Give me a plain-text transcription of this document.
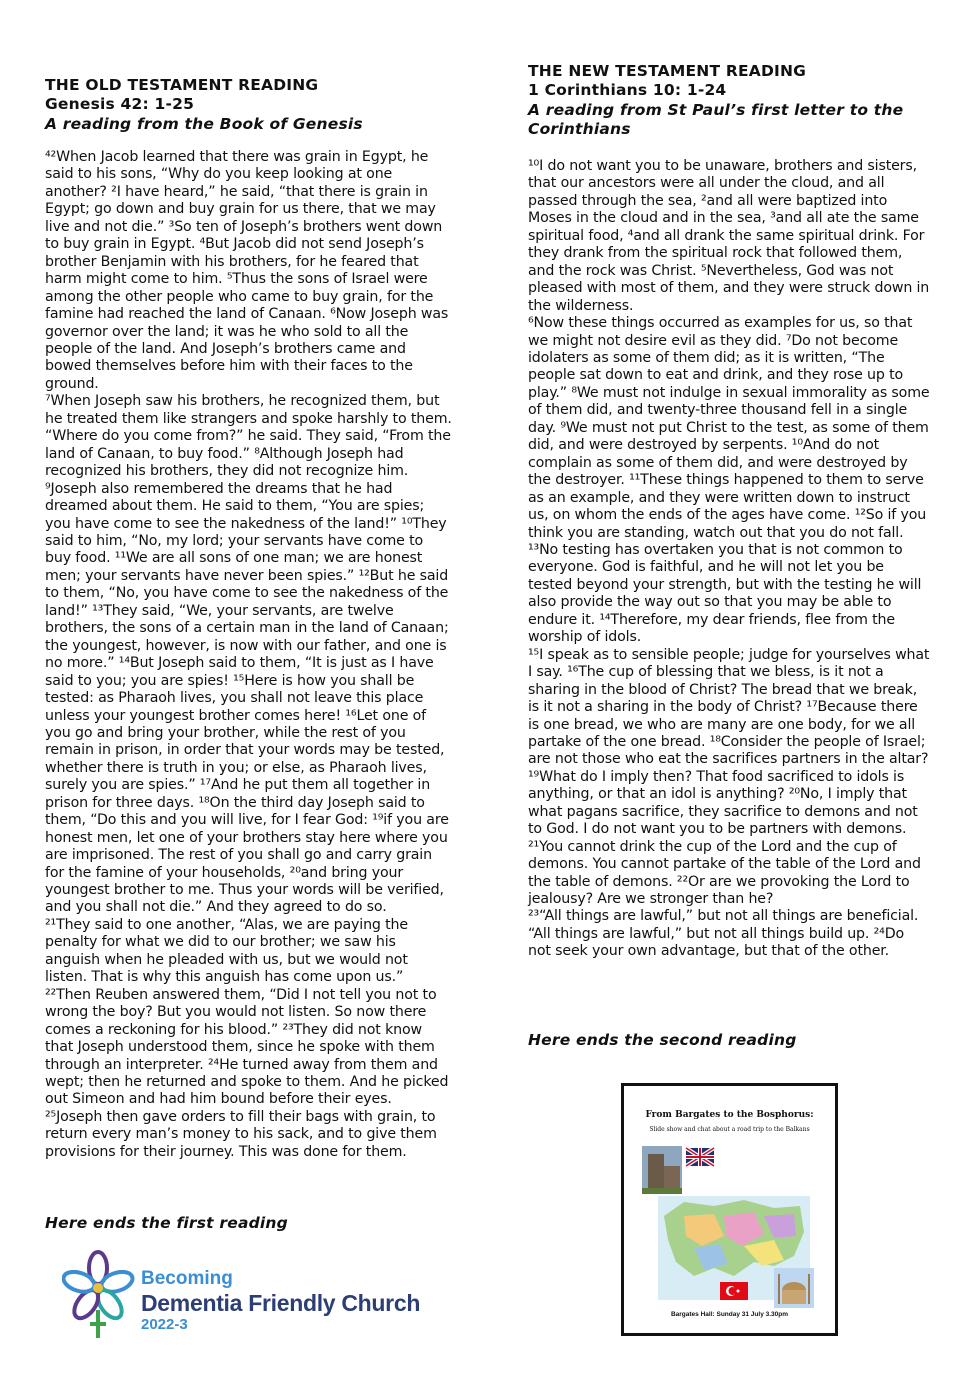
THE OLD TESTAMENT READING
Genesis 42: 1-25
A reading from the Book of Genesis

⁴²When Jacob learned that there was grain in Egypt, he said to his sons, “Why do you keep looking at one another? ²I have heard,” he said, “that there is grain in Egypt; go down and buy grain for us there, that we may live and not die.” ³So ten of Joseph’s brothers went down to buy grain in Egypt. ⁴But Jacob did not send Joseph’s brother Benjamin with his brothers, for he feared that harm might come to him. ⁵Thus the sons of Israel were among the other people who came to buy grain, for the famine had reached the land of Canaan. ⁶Now Joseph was governor over the land; it was he who sold to all the people of the land. And Joseph’s brothers came and bowed themselves before him with their faces to the ground.

⁷When Joseph saw his brothers, he recognized them, but he treated them like strangers and spoke harshly to them. “Where do you come from?” he said. They said, “From the land of Canaan, to buy food.” ⁸Although Joseph had recognized his brothers, they did not recognize him. ⁹Joseph also remembered the dreams that he had dreamed about them. He said to them, “You are spies; you have come to see the nakedness of the land!” ¹⁰They said to him, “No, my lord; your servants have come to buy food. ¹¹We are all sons of one man; we are honest men; your servants have never been spies.” ¹²But he said to them, “No, you have come to see the nakedness of the land!” ¹³They said, “We, your servants, are twelve brothers, the sons of a certain man in the land of Canaan; the youngest, however, is now with our father, and one is no more.” ¹⁴But Joseph said to them, “It is just as I have said to you; you are spies! ¹⁵Here is how you shall be tested: as Pharaoh lives, you shall not leave this place unless your youngest brother comes here! ¹⁶Let one of you go and bring your brother, while the rest of you remain in prison, in order that your words may be tested, whether there is truth in you; or else, as Pharaoh lives, surely you are spies.” ¹⁷And he put them all together in prison for three days. ¹⁸On the third day Joseph said to them, “Do this and you will live, for I fear God: ¹⁹if you are honest men, let one of your brothers stay here where you are imprisoned. The rest of you shall go and carry grain for the famine of your households, ²⁰and bring your youngest brother to me. Thus your words will be verified, and you shall not die.” And they agreed to do so.

²¹They said to one another, “Alas, we are paying the penalty for what we did to our brother; we saw his anguish when he pleaded with us, but we would not listen. That is why this anguish has come upon us.” ²²Then Reuben answered them, “Did I not tell you not to wrong the boy? But you would not listen. So now there comes a reckoning for his blood.” ²³They did not know that Joseph understood them, since he spoke with them through an interpreter. ²⁴He turned away from them and wept; then he returned and spoke to them. And he picked out Simeon and had him bound before their eyes. ²⁵Joseph then gave orders to fill their bags with grain, to return every man’s money to his sack, and to give them provisions for their journey. This was done for them.

Here ends the first reading
THE NEW TESTAMENT READING
1 Corinthians 10: 1-24
A reading from St Paul’s first letter to the Corinthians

¹⁰I do not want you to be unaware, brothers and sisters, that our ancestors were all under the cloud, and all passed through the sea, ²and all were baptized into Moses in the cloud and in the sea, ³and all ate the same spiritual food, ⁴and all drank the same spiritual drink. For they drank from the spiritual rock that followed them, and the rock was Christ. ⁵Nevertheless, God was not pleased with most of them, and they were struck down in the wilderness.

⁶Now these things occurred as examples for us, so that we might not desire evil as they did. ⁷Do not become idolaters as some of them did; as it is written, “The people sat down to eat and drink, and they rose up to play.” ⁸We must not indulge in sexual immorality as some of them did, and twenty-three thousand fell in a single day. ⁹We must not put Christ to the test, as some of them did, and were destroyed by serpents. ¹⁰And do not complain as some of them did, and were destroyed by the destroyer. ¹¹These things happened to them to serve as an example, and they were written down to instruct us, on whom the ends of the ages have come. ¹²So if you think you are standing, watch out that you do not fall. ¹³No testing has overtaken you that is not common to everyone. God is faithful, and he will not let you be tested beyond your strength, but with the testing he will also provide the way out so that you may be able to endure it. ¹⁴Therefore, my dear friends, flee from the worship of idols.

¹⁵I speak as to sensible people; judge for yourselves what I say. ¹⁶The cup of blessing that we bless, is it not a sharing in the blood of Christ? The bread that we break, is it not a sharing in the body of Christ? ¹⁷Because there is one bread, we who are many are one body, for we all partake of the one bread. ¹⁸Consider the people of Israel; are not those who eat the sacrifices partners in the altar? ¹⁹What do I imply then? That food sacrificed to idols is anything, or that an idol is anything? ²⁰No, I imply that what pagans sacrifice, they sacrifice to demons and not to God. I do not want you to be partners with demons. ²¹You cannot drink the cup of the Lord and the cup of demons. You cannot partake of the table of the Lord and the table of demons. ²²Or are we provoking the Lord to jealousy? Are we stronger than he?

²³“All things are lawful,” but not all things are beneficial. “All things are lawful,” but not all things build up. ²⁴Do not seek your own advantage, but that of the other.

Here ends the second reading
Becoming
Dementia Friendly Church
2022-3
From Bargates to the Bosphorus:
Slide show and chat about a road trip to the Balkans
Bargates Hall: Sunday 31 July 3.30pm
